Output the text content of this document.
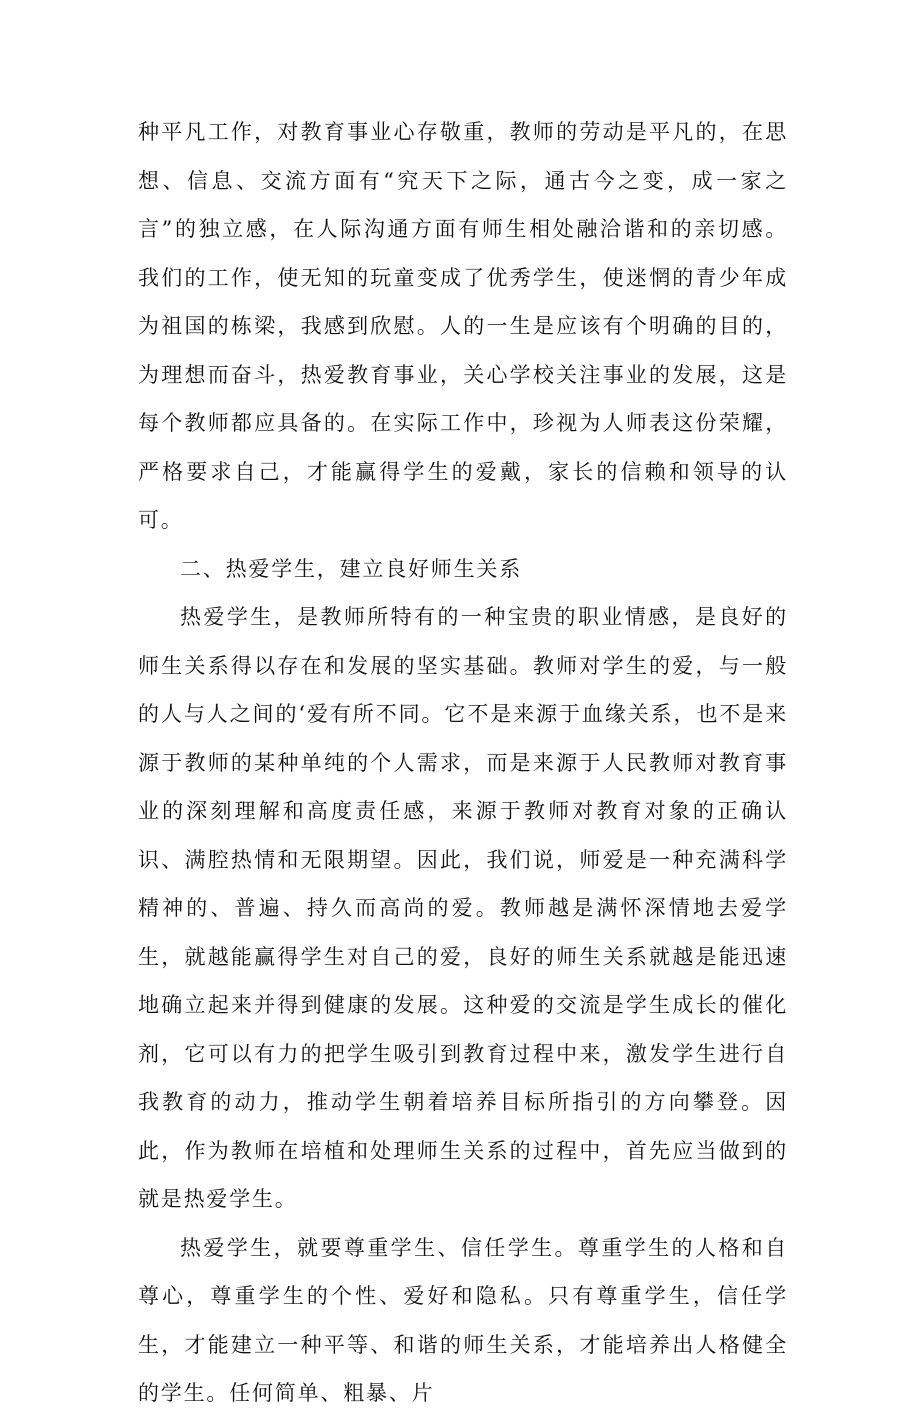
种平凡工作，对教育事业心存敬重，教师的劳动是平凡的，在思想、信息、交流方面有“究天下之际，通古今之变，成一家之言”的独立感，在人际沟通方面有师生相处融洽谐和的亲切感。我们的工作，使无知的玩童变成了优秀学生，使迷惘的青少年成为祖国的栋梁，我感到欣慰。人的一生是应该有个明确的目的，为理想而奋斗，热爱教育事业，关心学校关注事业的发展，这是每个教师都应具备的。在实际工作中，珍视为人师表这份荣耀，严格要求自己，才能赢得学生的爱戴，家长的信赖和领导的认可。

二、热爱学生，建立良好师生关系

热爱学生，是教师所特有的一种宝贵的职业情感，是良好的师生关系得以存在和发展的坚实基础。教师对学生的爱，与一般的人与人之间的‘爱有所不同。它不是来源于血缘关系，也不是来源于教师的某种单纯的个人需求，而是来源于人民教师对教育事业的深刻理解和高度责任感，来源于教师对教育对象的正确认识、满腔热情和无限期望。因此，我们说，师爱是一种充满科学精神的、普遍、持久而高尚的爱。教师越是满怀深情地去爱学生，就越能赢得学生对自己的爱，良好的师生关系就越是能迅速地确立起来并得到健康的发展。这种爱的交流是学生成长的催化剂，它可以有力的把学生吸引到教育过程中来，激发学生进行自我教育的动力，推动学生朝着培养目标所指引的方向攀登。因此，作为教师在培植和处理师生关系的过程中，首先应当做到的就是热爱学生。

热爱学生，就要尊重学生、信任学生。尊重学生的人格和自尊心，尊重学生的个性、爱好和隐私。只有尊重学生，信任学生，才能建立一种平等、和谐的师生关系，才能培养出人格健全的学生。任何简单、粗暴、片
